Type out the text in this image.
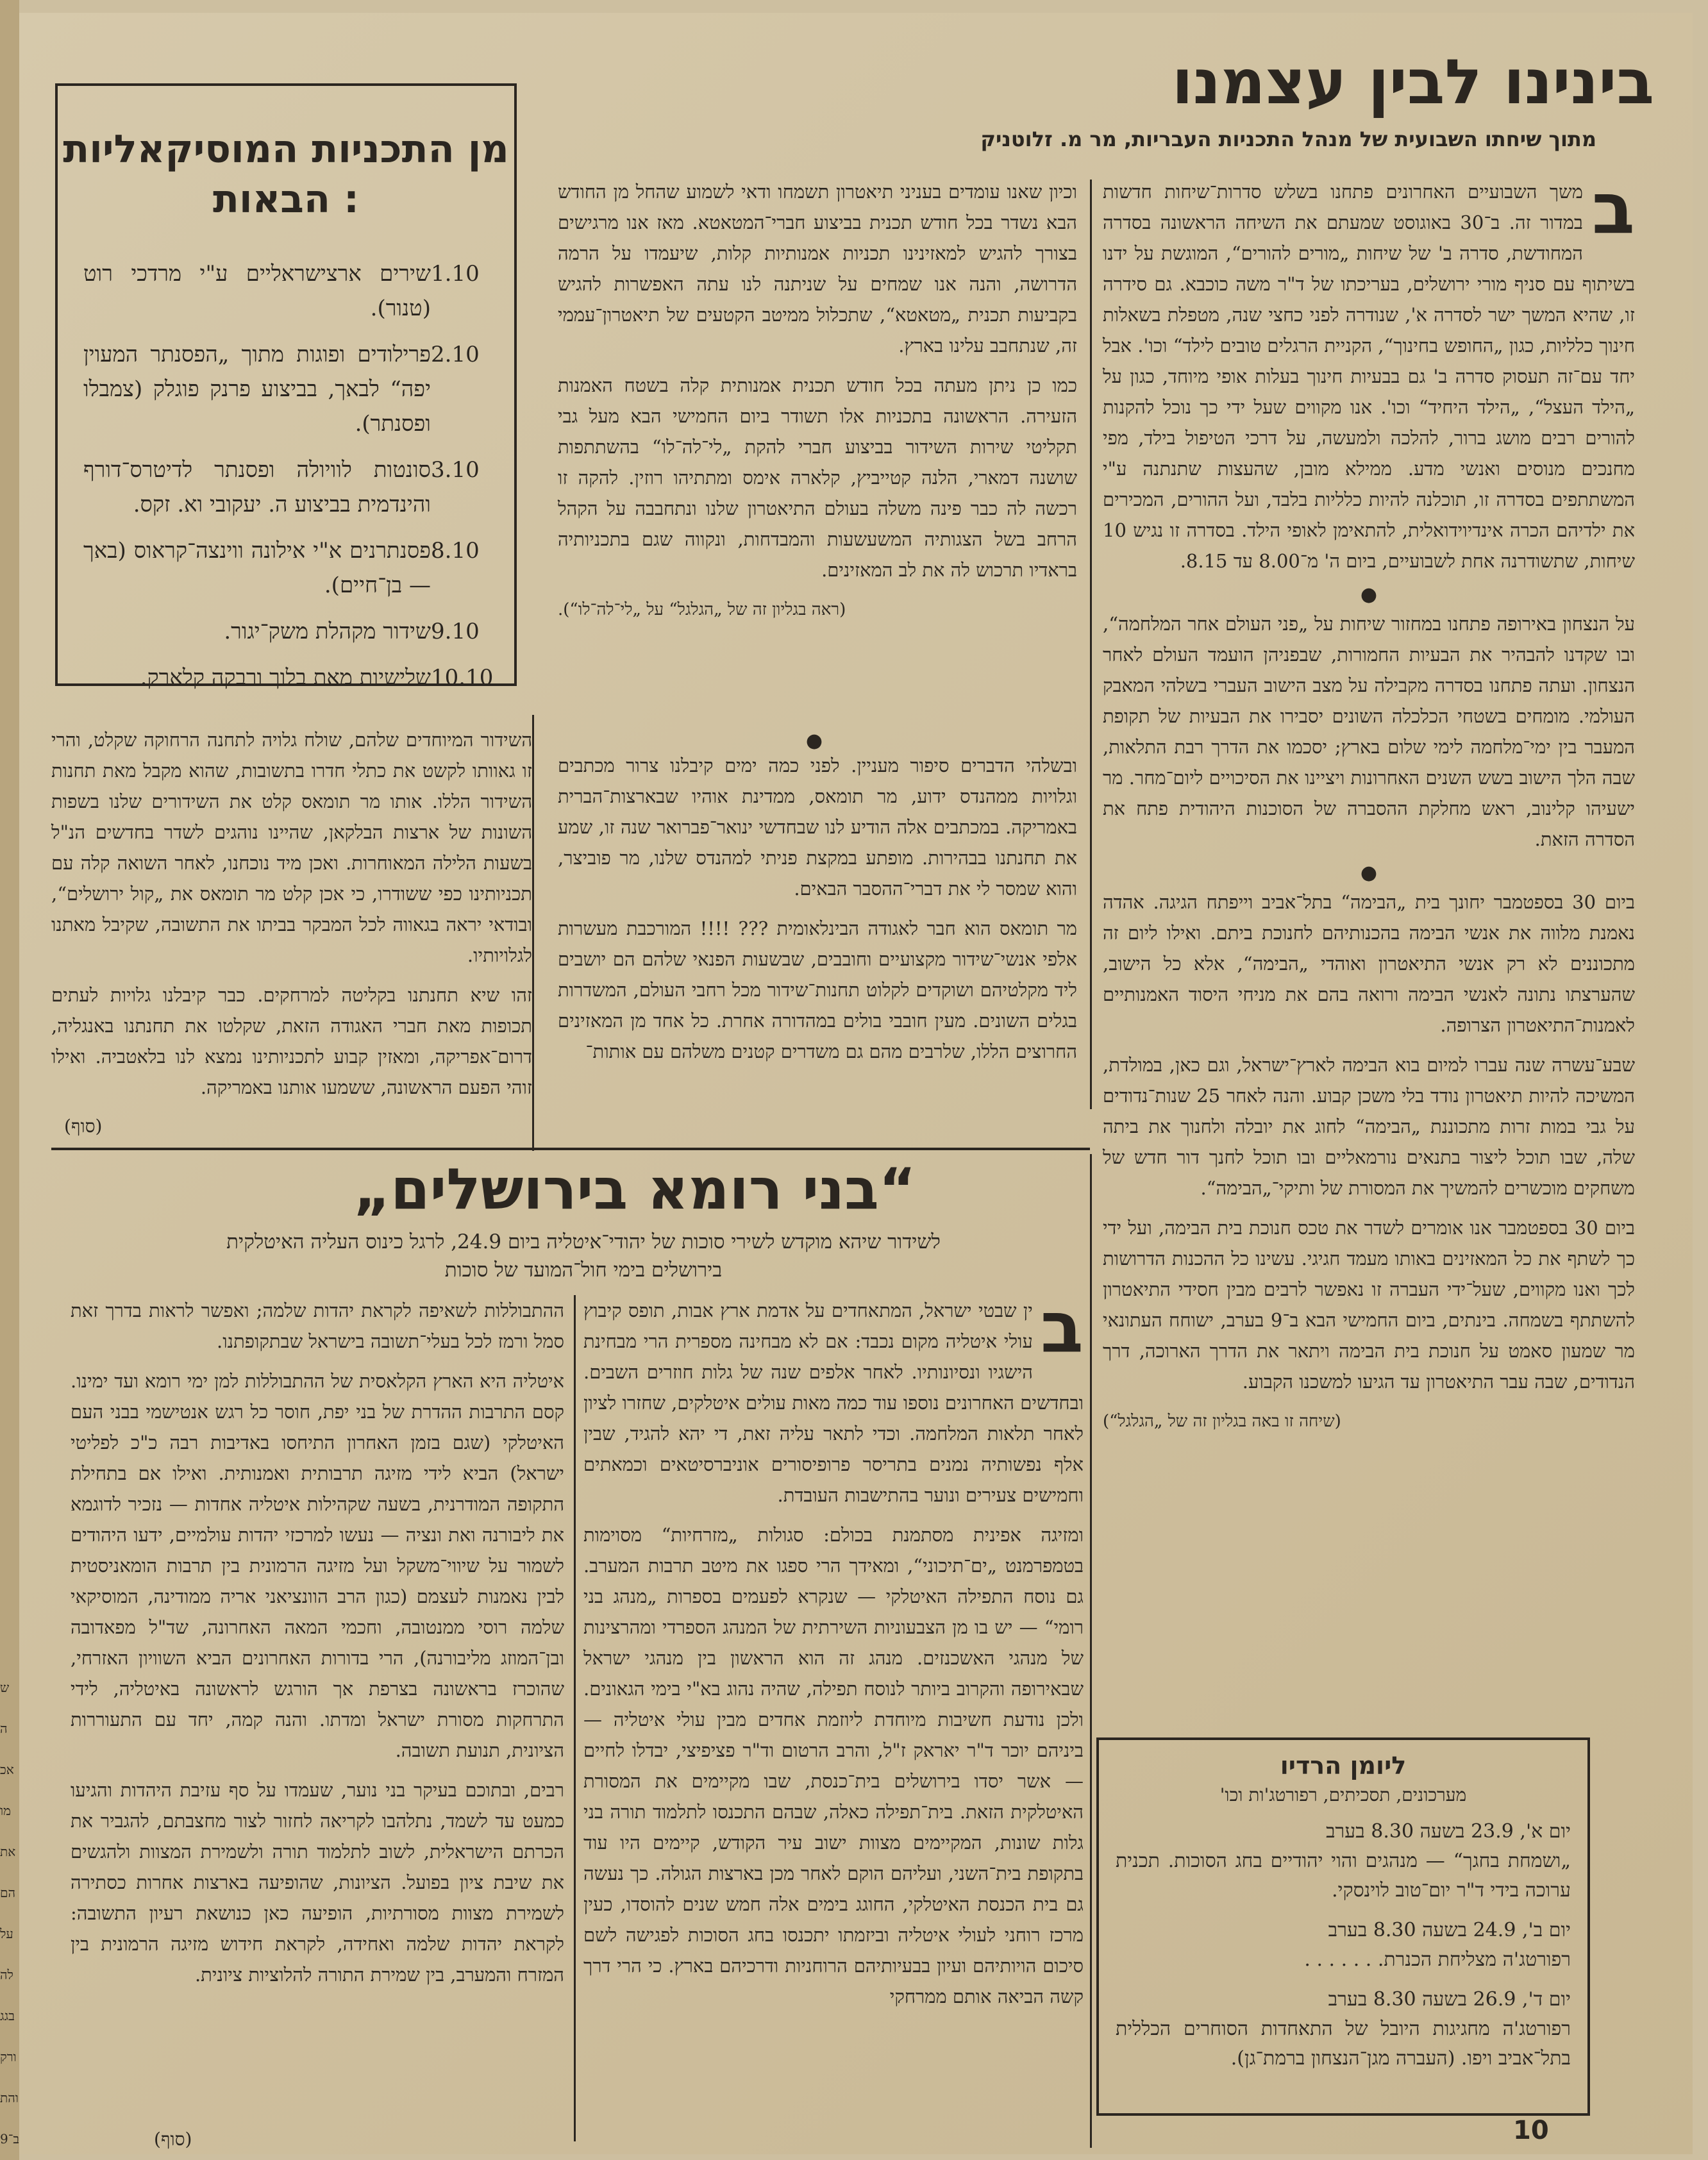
בינינו לבין עצמנו
מתוך שיחתו השבועית של מנהל התכניות העבריות, מר מ. זלוטניק
מן התכניות המוסיקאליות
הבאות :
1.10
שירים ארצישראליים ע"י מרדכי רוט (טנור).
2.10
פרילודים ופוגות מתוך „הפסנתר המעוין יפה“ לבאך, בביצוע פרנק פוגלק (צמבלו ופסנתר).
3.10
סונטות לוויולה ופסנתר לדיטרס־דורף והינדמית בביצוע ה. יעקובי וא. זקס.
8.10
פסנתרנים א"י אילונה ווינצה־קראוס (באך — בן־חיים).
9.10
שידור מקהלת משק־יגור.
10.10
שלישיות מאת בלוך ורבקה קלארק.

ב
משך השבועיים האחרונים פתחנו בשלש סדרות־שיחות חדשות במדור זה. ב־30 באוגוסט שמעתם את השיחה הראשונה בסדרה המחודשת, סדרה ב' של שיחות „מורים להורים“, המוגשת על ידנו בשיתוף עם סניף מורי ירושלים, בעריכתו של ד"ר משה כוכבא. גם סידרה זו, שהיא המשך ישר לסדרה א', שנודרה לפני כחצי שנה, מטפלת בשאלות חינוך כלליות, כגון „החופש בחינוך“, הקניית הרגלים טובים לילד“ וכו'. אבל יחד עם־זה תעסוק סדרה ב' גם בבעיות חינוך בעלות אופי מיוחד, כגון על „הילד העצל“, „הילד היחיד“ וכו'. אנו מקווים שעל ידי כך נוכל להקנות להורים רבים מושג ברור, להלכה ולמעשה, על דרכי הטיפול בילד, מפי מחנכים מנוסים ואנשי מדע. ממילא מובן, שהעצות שתנתנה ע"י המשתתפים בסדרה זו, תוכלנה להיות כלליות בלבד, ועל ההורים, המכירים את ילדיהם הכרה אינדיוידואלית, להתאימן לאופי הילד. בסדרה זו נגיש 10 שיחות, שתשודרנה אחת לשבועיים, ביום ה' מ־8.00 עד 8.15.

●

על הנצחון באירופה פתחנו במחזור שיחות על „פני העולם אחר המלחמה“, ובו שקדנו להבהיר את הבעיות החמורות, שבפניהן הועמד העולם לאחר הנצחון. ועתה פתחנו בסדרה מקבילה על מצב הישוב העברי בשלהי המאבק העולמי. מומחים בשטחי הכלכלה השונים יסבירו את הבעיות של תקופת המעבר בין ימי־מלחמה לימי שלום בארץ; יסכמו את הדרך רבת התלאות, שבה הלך הישוב בשש השנים האחרונות ויציינו את הסיכויים ליום־מחר. מר ישעיהו קלינוב, ראש מחלקת ההסברה של הסוכנות היהודית פתח את הסדרה הזאת.

●

ביום 30 בספטמבר יחונך בית „הבימה“ בתל־אביב וייפתח הגיגה. אהדה נאמנת מלווה את אנשי הבימה בהכנותיהם לחנוכת ביתם. ואילו ליום זה מתכוננים לא רק אנשי התיאטרון ואוהדי „הבימה“, אלא כל הישוב, שהערצתו נתונה לאנשי הבימה ורואה בהם את מניחי היסוד האמנותיים לאמנות־התיאטרון הצרופה.

שבע־עשרה שנה עברו למיום בוא הבימה לארץ־ישראל, וגם כאן, במולדת, המשיכה להיות תיאטרון נודד בלי משכן קבוע. והנה לאחר 25 שנות־נדודים על גבי במות זרות מתכוננת „הבימה“ לחוג את יובלה ולחנוך את ביתה שלה, שבו תוכל ליצור בתנאים נורמאליים ובו תוכל לחנך דור חדש של משחקים מוכשרים להמשיך את המסורת של ותיקי־„הבימה“.

ביום 30 בספטמבר אנו אומרים לשדר את טכס חנוכת בית הבימה, ועל ידי כך לשתף את כל המאזינים באותו מעמד חגיגי. עשינו כל ההכנות הדרושות לכך ואנו מקווים, שעל־ידי העברה זו נאפשר לרבים מבין חסידי התיאטרון להשתתף בשמחה. בינתים, ביום החמישי הבא ב־9 בערב, ישוחח העתונאי מר שמעון סאמט על חנוכת בית הבימה ויתאר את הדרך הארוכה, דרך הנדודים, שבה עבר התיאטרון עד הגיעו למשכנו הקבוע.

(שיחה זו באה בגליון זה של „הגלגל“)

וכיון שאנו עומדים בעניני תיאטרון תשמחו ודאי לשמוע שהחל מן החודש הבא נשדר בכל חודש תכנית בביצוע חברי־המטאטא. מאז אנו מרגישים בצורך להגיש למאזינינו תכניות אמנותיות קלות, שיעמדו על הרמה הדרושה, והנה אנו שמחים על שניתנה לנו עתה האפשרות להגיש בקביעות תכנית „מטאטא“, שתכלול ממיטב הקטעים של תיאטרון־עממי זה, שנתחבב עלינו בארץ.

כמו כן ניתן מעתה בכל חודש תכנית אמנותית קלה בשטח האמנות הזעירה. הראשונה בתכניות אלו תשודר ביום החמישי הבא מעל גבי תקליטי שירות השידור בביצוע חברי להקת „לי־לה־לו“ בהשתתפות שושנה דמארי, הלנה קטייביץ, קלארה אימס ומתתיהו רוזין. להקה זו רכשה לה כבר פינה משלה בעולם התיאטרון שלנו ונתחבבה על הקהל הרחב בשל הצגותיה המשעשעות והמבדחות, ונקווה שגם בתכניותיה בראדיו תרכוש לה את לב המאזינים.

(ראה בגליון זה של „הגלגל“ על „לי־לה־לו“).

●

ובשלהי הדברים סיפור מעניין. לפני כמה ימים קיבלנו צרור מכתבים וגלויות ממהנדס ידוע, מר תומאס, ממדינת אוהיו שבארצות־הברית באמריקה. במכתבים אלה הודיע לנו שבחדשי ינואר־פברואר שנה זו, שמע את תחנתנו בבהירות. מופתע במקצת פניתי למהנדס שלנו, מר פוביצר, והוא שמסר לי את דברי־ההסבר הבאים.

מר תומאס הוא חבר לאגודה הבינלאומית ??? !!!! המורכבת מעשרות אלפי אנשי־שידור מקצועיים וחובבים, שבשעות הפנאי שלהם הם יושבים ליד מקלטיהם ושוקדים לקלוט תחנות־שידור מכל רחבי העולם, המשדרות בגלים השונים. מעין חובבי בולים במהדורה אחרת. כל אחד מן המאזינים החרוצים הללו, שלרבים מהם גם משדרים קטנים משלהם עם אותות־

השידור המיוחדים שלהם, שולח גלויה לתחנה הרחוקה שקלט, והרי זו גאוותו לקשט את כתלי חדרו בתשובות, שהוא מקבל מאת תחנות השידור הללו. אותו מר תומאס קלט את השידורים שלנו בשפות השונות של ארצות הבלקאן, שהיינו נוהגים לשדר בחדשים הנ"ל בשעות הלילה המאוחרות. ואכן מיד נוכחנו, לאחר השואה קלה עם תכניותינו כפי ששודרו, כי אכן קלט מר תומאס את „קול ירושלים“, ובודאי יראה בגאווה לכל המבקר בביתו את התשובה, שקיבל מאתנו לגלויותיו.

זהו שיא תחנתנו בקליטה למרחקים. כבר קיבלנו גלויות לעתים תכופות מאת חברי האגודה הזאת, שקלטו את תחנתנו באנגליה, דרום־אפריקה, ומאזין קבוע לתכניותינו נמצא לנו בלאטביה. ואילו זוהי הפעם הראשונה, ששמעו אותנו באמריקה.

(סוף)
„בני רומא בירושלים“
לשידור שיהא מוקדש לשירי סוכות של יהודי־איטליה ביום 24.9, לרגל כינוס העליה האיטלקית
בירושלים בימי חול־המועד של סוכות

ב
ין שבטי ישראל, המתאחדים על אדמת ארץ אבות, תופס קיבוץ עולי איטליה מקום נכבד: אם לא מבחינה מספרית הרי מבחינת הישגיו ונסיונותיו. לאחר אלפים שנה של גלות חוזרים השבים. ובחדשים האחרונים נוספו עוד כמה מאות עולים איטלקים, שחזרו לציון לאחר תלאות המלחמה. וכדי לתאר עליה זאת, די יהא להגיד, שבין אלף נפשותיה נמנים בתריסר פרופיסורים אוניברסיטאים וכמאתים וחמישים צעירים ונוער בהתישבות העובדת.

ומזיגה אפינית מסתמנת בכולם: סגולות „מזרחיות“ מסוימות בטמפרמנט „ים־תיכוני“, ומאידך הרי ספגו את מיטב תרבות המערב. גם נוסח התפילה האיטלקי — שנקרא לפעמים בספרות „מנהג בני רומי“ — יש בו מן הצבעוניות השירתית של המנהג הספרדי ומהרצינות של מנהגי האשכנזים. מנהג זה הוא הראשון בין מנהגי ישראל שבאירופה והקרוב ביותר לנוסח תפילה, שהיה נהוג בא"י בימי הגאונים. ולכן נודעת חשיבות מיוחדת ליוזמת אחדים מבין עולי איטליה — ביניהם יוכר ד"ר יאראק ז"ל, והרב הרטום וד"ר פציפיצי, יבדלו לחיים — אשר יסדו בירושלים בית־כנסת, שבו מקיימים את המסורת האיטלקית הזאת. בית־תפילה כאלה, שבהם התכנסו לתלמוד תורה בני גלות שונות, המקיימים מצוות ישוב עיר הקודש, קיימים היו עוד בתקופת בית־השני, ועליהם הוקם לאחר מכן בארצות הגולה. כך נעשה גם בית הכנסת האיטלקי, החוגג בימים אלה חמש שנים להוסדו, כעין מרכז רוחני לעולי איטליה וביזמתו יתכנסו בחג הסוכות לפגישה לשם סיכום הויותיהם ועיון בבעיותיהם הרוחניות ודרכיהם בארץ. כי הרי דרך קשה הביאה אותם ממרחקי

ההתבוללות לשאיפה לקראת יהדות שלמה; ואפשר לראות בדרך זאת סמל ורמז לכל בעלי־תשובה בישראל שבתקופתנו.

איטליה היא הארץ הקלאסית של ההתבוללות למן ימי רומא ועד ימינו. קסם התרבות ההדרת של בני יפת, חוסר כל רגש אנטישמי בבני העם האיטלקי (שגם בזמן האחרון התיחסו באדיבות רבה כ"כ לפליטי ישראל) הביא לידי מזיגה תרבותית ואמנותית. ואילו אם בתחילת התקופה המודרנית, בשעה שקהילות איטליה אחדות — נזכיר לדוגמא את ליבורנה ואת ונציה — נעשו למרכזי יהדות עולמיים, ידעו היהודים לשמור על שיווי־משקל ועל מזיגה הרמונית בין תרבות הומאניסטית לבין נאמנות לעצמם (כגון הרב הוונציאני אריה ממודינה, המוסיקאי שלמה רוסי ממנטובה, וחכמי המאה האחרונה, שד"ל מפאדובה ובן־המוזג מליבורנה), הרי בדורות האחרונים הביא השוויון האזרחי, שהוכרז בראשונה בצרפת אך הורגש לראשונה באיטליה, לידי התרחקות מסורת ישראל ומדתו. והנה קמה, יחד עם התעוררות הציונית, תנועת תשובה.

רבים, ובתוכם בעיקר בני נוער, שעמדו על סף עזיבת היהדות והגיעו כמעט עד לשמד, נתלהבו לקריאה לחזור לצור מחצבתם, להגביר את הכרתם הישראלית, לשוב לתלמוד תורה ולשמירת המצוות ולהגשים את שיבת ציון בפועל. הציונות, שהופיעה בארצות אחרות כסתירה לשמירת מצוות מסורתיות, הופיעה כאן כנושאת רעיון התשובה: לקראת יהדות שלמה ואחידה, לקראת חידוש מזיגה הרמונית בין המזרח והמערב, בין שמירת התורה להלוציות ציונית.

(סוף)
ליומן הרדיו
מערכונים, תסכיתים, רפורטג'ות וכו'
יום א', 23.9 בשעה 8.30 בערב
„ושמחת בחגך“ — מנהגים והוי יהודיים בחג הסוכות. תכנית ערוכה בידי ד"ר יום־טוב לוינסקי.
יום ב', 24.9 בשעה 8.30 בערב
רפורטג'ה מצליחת הכנרת. . . . . . .
יום ד', 26.9 בשעה 8.30 בערב
רפורטג'ה מחגיגות היובל של התאחדות הסוחרים הכללית בתל־אביב ויפו. (העברה מגן־הנצחון ברמת־גן).
10
ש
ה
אכ
מו
את
הם
על
לה
בגג
ורק
והת
ב־9
